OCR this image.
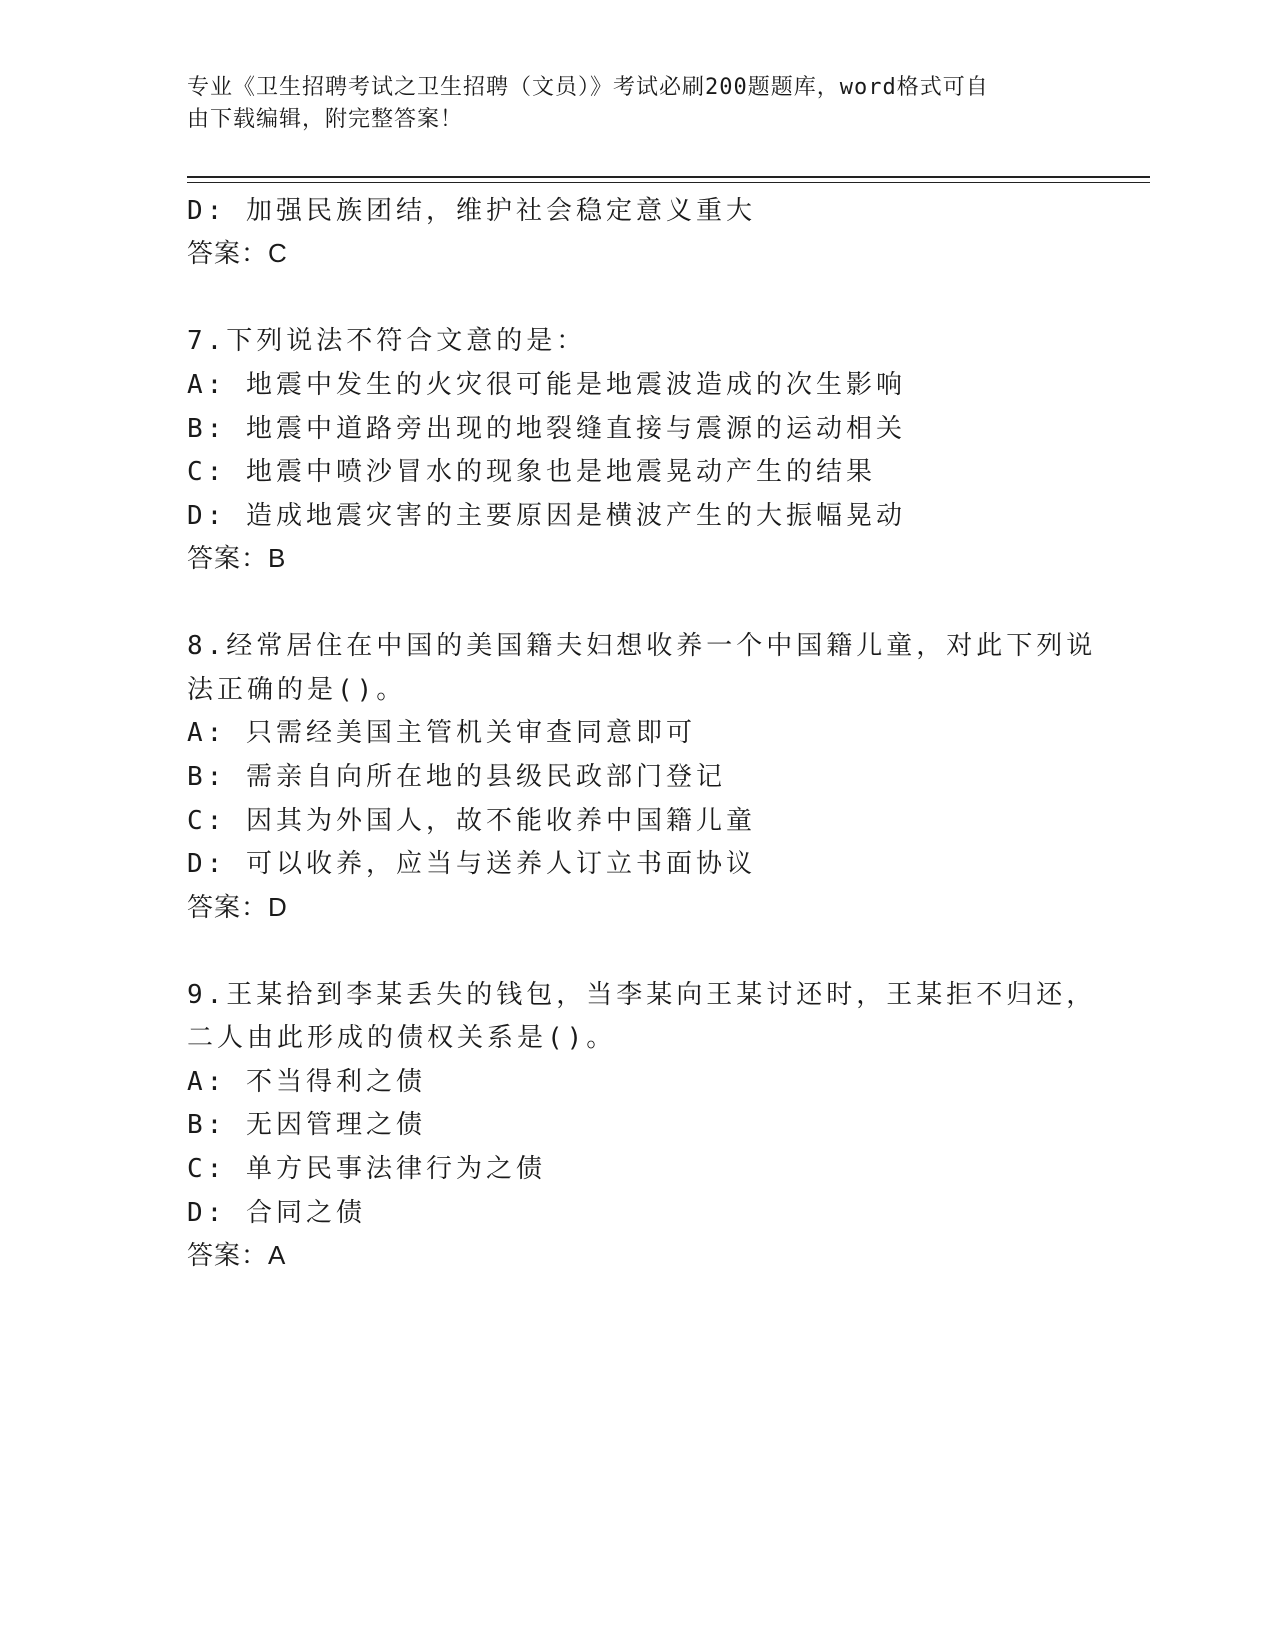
专业《卫生招聘考试之卫生招聘（文员）》考试必刷200题题库，word格式可自
由下载编辑，附完整答案！
D: 加强民族团结，维护社会稳定意义重大
答案：C
7.下列说法不符合文意的是：
A: 地震中发生的火灾很可能是地震波造成的次生影响
B: 地震中道路旁出现的地裂缝直接与震源的运动相关
C: 地震中喷沙冒水的现象也是地震晃动产生的结果
D: 造成地震灾害的主要原因是横波产生的大振幅晃动
答案：B
8.经常居住在中国的美国籍夫妇想收养一个中国籍儿童，对此下列说
法正确的是()。
A: 只需经美国主管机关审查同意即可
B: 需亲自向所在地的县级民政部门登记
C: 因其为外国人，故不能收养中国籍儿童
D: 可以收养，应当与送养人订立书面协议
答案：D
9.王某拾到李某丢失的钱包，当李某向王某讨还时，王某拒不归还，
二人由此形成的债权关系是()。
A: 不当得利之债
B: 无因管理之债
C: 单方民事法律行为之债
D: 合同之债
答案：A
